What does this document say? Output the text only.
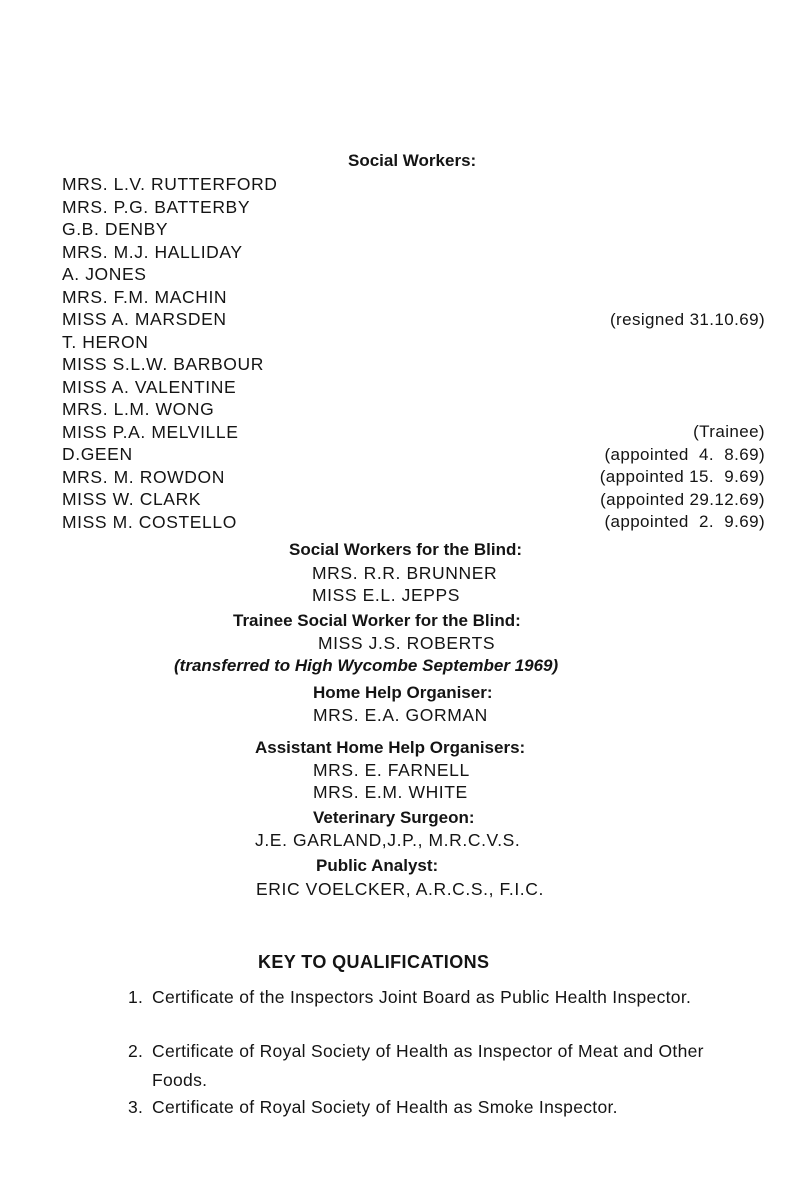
Social Workers:
MRS. L.V. RUTTERFORD
MRS. P.G. BATTERBY
G.B. DENBY
MRS. M.J. HALLIDAY
A. JONES
MRS. F.M. MACHIN
MISS A. MARSDEN
T. HERON
MISS S.L.W. BARBOUR
MISS A. VALENTINE
MRS. L.M. WONG
MISS P.A. MELVILLE
D.GEEN
MRS. M. ROWDON
MISS W. CLARK
MISS M. COSTELLO
(resigned 31.10.69)
(Trainee)
(appointed  4.  8.69)
(appointed 15.  9.69)
(appointed 29.12.69)
(appointed  2.  9.69)
Social Workers for the Blind:
MRS. R.R. BRUNNER
MISS E.L. JEPPS
Trainee Social Worker for the Blind:
MISS J.S. ROBERTS
(transferred to High Wycombe September 1969)
Home Help Organiser:
MRS. E.A. GORMAN
Assistant Home Help Organisers:
MRS. E. FARNELL
MRS. E.M. WHITE
Veterinary Surgeon:
J.E. GARLAND,J.P., M.R.C.V.S.
Public Analyst:
ERIC VOELCKER, A.R.C.S., F.I.C.
KEY TO QUALIFICATIONS
1. Certificate of the Inspectors Joint Board as Public Health Inspector.
2. Certificate of Royal Society of Health as Inspector of Meat and Other Foods.
3. Certificate of Royal Society of Health as Smoke Inspector.
